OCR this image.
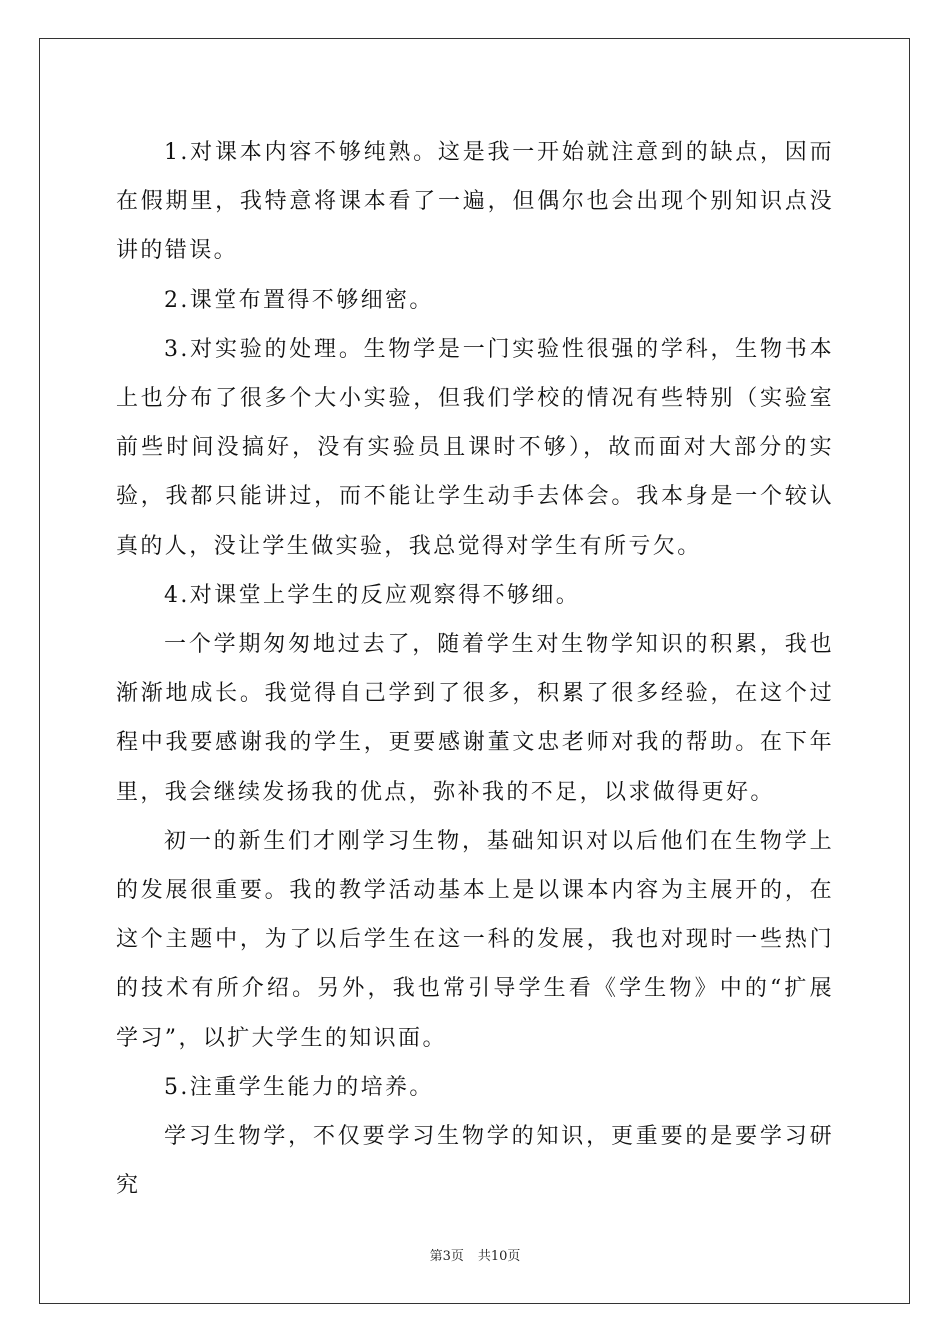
1.对课本内容不够纯熟。这是我一开始就注意到的缺点，因而在假期里，我特意将课本看了一遍，但偶尔也会出现个别知识点没讲的错误。

2.课堂布置得不够细密。

3.对实验的处理。生物学是一门实验性很强的学科，生物书本上也分布了很多个大小实验，但我们学校的情况有些特别（实验室前些时间没搞好，没有实验员且课时不够），故而面对大部分的实验，我都只能讲过，而不能让学生动手去体会。我本身是一个较认真的人，没让学生做实验，我总觉得对学生有所亏欠。

4.对课堂上学生的反应观察得不够细。

一个学期匆匆地过去了，随着学生对生物学知识的积累，我也渐渐地成长。我觉得自己学到了很多，积累了很多经验，在这个过程中我要感谢我的学生，更要感谢董文忠老师对我的帮助。在下年里，我会继续发扬我的优点，弥补我的不足，以求做得更好。

初一的新生们才刚学习生物，基础知识对以后他们在生物学上的发展很重要。我的教学活动基本上是以课本内容为主展开的，在这个主题中，为了以后学生在这一科的发展，我也对现时一些热门的技术有所介绍。另外，我也常引导学生看《学生物》中的“扩展学习”，以扩大学生的知识面。

5.注重学生能力的培养。

学习生物学，不仅要学习生物学的知识，更重要的是要学习研究

第3页 共10页
